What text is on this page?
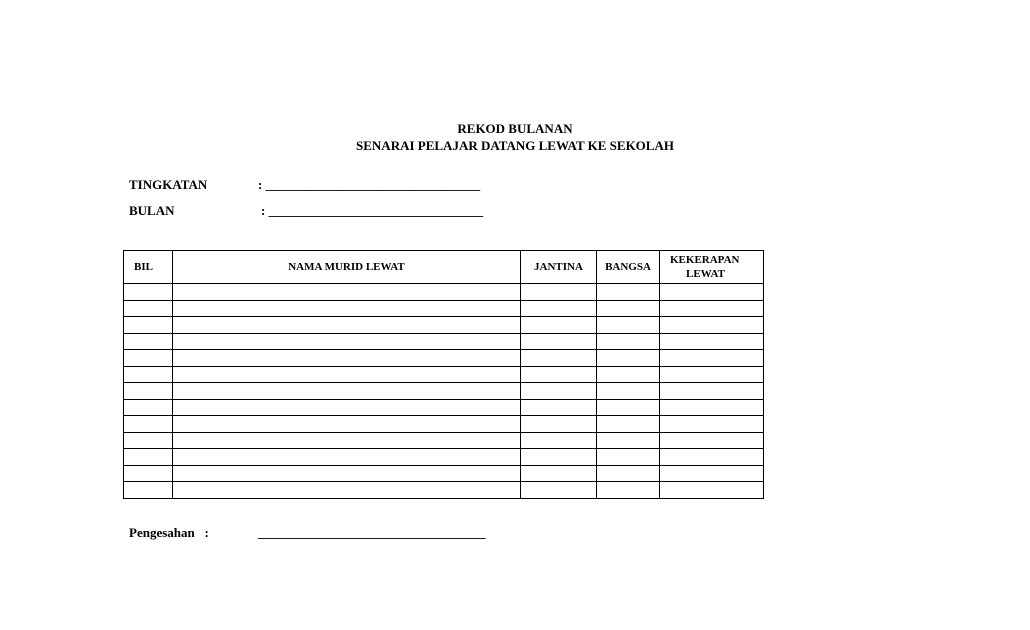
REKOD BULANAN
SENARAI PELAJAR DATANG LEWAT KE SEKOLAH
TINGKATAN	: _________________________________
BULAN	: _________________________________
BIL	NAMA MURID LEWAT	JANTINA	BANGSA	KEKERAPAN
LEWAT

Pengesahan   :	___________________________________
